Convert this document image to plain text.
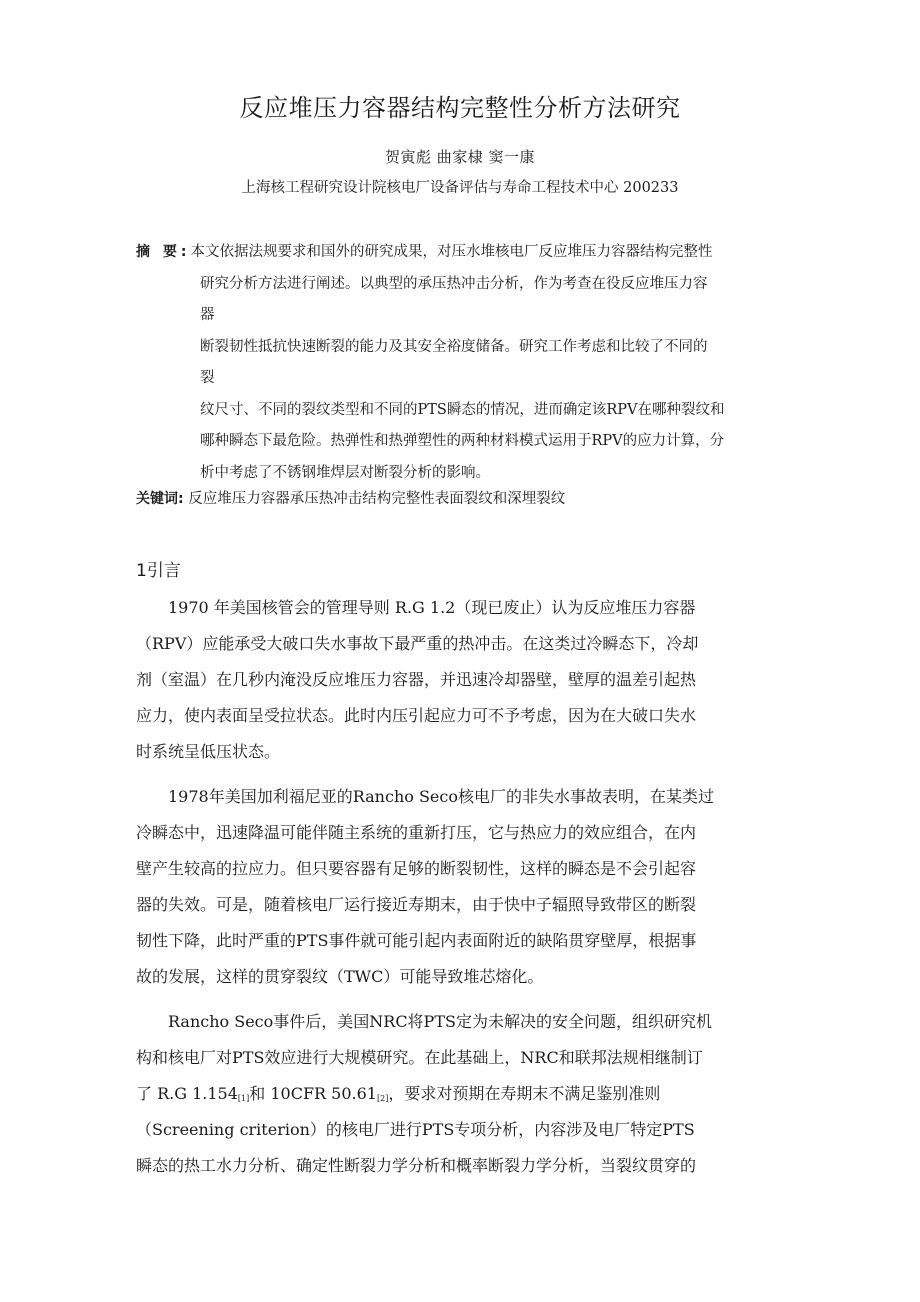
反应堆压力容器结构完整性分析方法研究
贺寅彪 曲家棣 窦一康
上海核工程研究设计院核电厂设备评估与寿命工程技术中心 200233
摘 要:本文依据法规要求和国外的研究成果，对压水堆核电厂反应堆压力容器结构完整性
研究分析方法进行阐述。以典型的承压热冲击分析，作为考查在役反应堆压力容
器
断裂韧性抵抗快速断裂的能力及其安全裕度储备。研究工作考虑和比较了不同的
裂
纹尺寸、不同的裂纹类型和不同的PTS瞬态的情况，进而确定该RPV在哪种裂纹和
哪种瞬态下最危险。热弹性和热弹塑性的两种材料模式运用于RPV的应力计算，分
析中考虑了不锈钢堆焊层对断裂分析的影响。
关键词: 反应堆压力容器承压热冲击结构完整性表面裂纹和深埋裂纹
1引言
1970 年美国核管会的管理导则 R.G 1.2（现已废止）认为反应堆压力容器
（RPV）应能承受大破口失水事故下最严重的热冲击。在这类过冷瞬态下，冷却
剂（室温）在几秒内淹没反应堆压力容器，并迅速冷却器壁，壁厚的温差引起热
应力，使内表面呈受拉状态。此时内压引起应力可不予考虑，因为在大破口失水
时系统呈低压状态。
1978年美国加利福尼亚的Rancho Seco核电厂的非失水事故表明，在某类过
冷瞬态中，迅速降温可能伴随主系统的重新打压，它与热应力的效应组合，在内
壁产生较高的拉应力。但只要容器有足够的断裂韧性，这样的瞬态是不会引起容
器的失效。可是，随着核电厂运行接近寿期末，由于快中子辐照导致带区的断裂
韧性下降，此时严重的PTS事件就可能引起内表面附近的缺陷贯穿壁厚，根据事
故的发展，这样的贯穿裂纹（TWC）可能导致堆芯熔化。
Rancho Seco事件后，美国NRC将PTS定为未解决的安全问题，组织研究机
构和核电厂对PTS效应进行大规模研究。在此基础上，NRC和联邦法规相继制订
了 R.G $1.154_{[1]}$和 10CFR $50.61_{[2]}$，要求对预期在寿期末不满足鉴别准则
（Screening criterion）的核电厂进行PTS专项分析，内容涉及电厂特定PTS
瞬态的热工水力分析、确定性断裂力学分析和概率断裂力学分析，当裂纹贯穿的
